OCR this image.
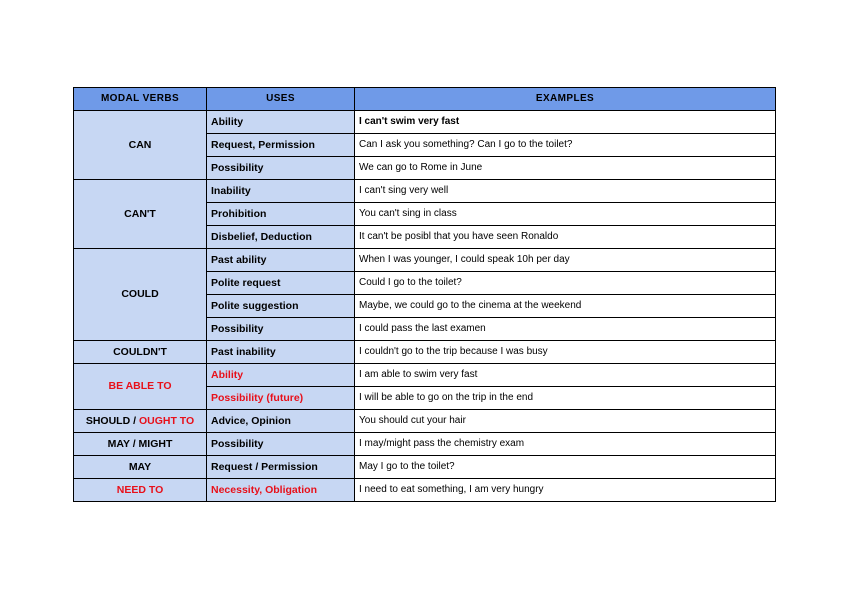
MODAL VERBS	USES	EXAMPLES
CAN	Ability	I can't swim very fast
	Request, Permission	Can I ask you something? Can I go to the toilet?
	Possibility	We can go to Rome in June
CAN'T	Inability	I can't sing very well
	Prohibition	You can't sing in class
	Disbelief, Deduction	It can't be posibl that you have seen Ronaldo
COULD	Past ability	When I was younger, I could speak 10h per day
	Polite request	Could I go to the toilet?
	Polite suggestion	Maybe, we could go to the cinema at the weekend
	Possibility	I could pass the last examen
COULDN'T	Past inability	I couldn't go to the trip because I was busy
BE ABLE TO	Ability	I am able to swim very fast
	Possibility (future)	I will be able to go on the trip in the end
SHOULD / OUGHT TO	Advice, Opinion	You should cut your hair
MAY / MIGHT	Possibility	I may/might pass the chemistry exam
MAY	Request / Permission	May I go to the toilet?
NEED TO	Necessity, Obligation	I need to eat something, I am very hungry
